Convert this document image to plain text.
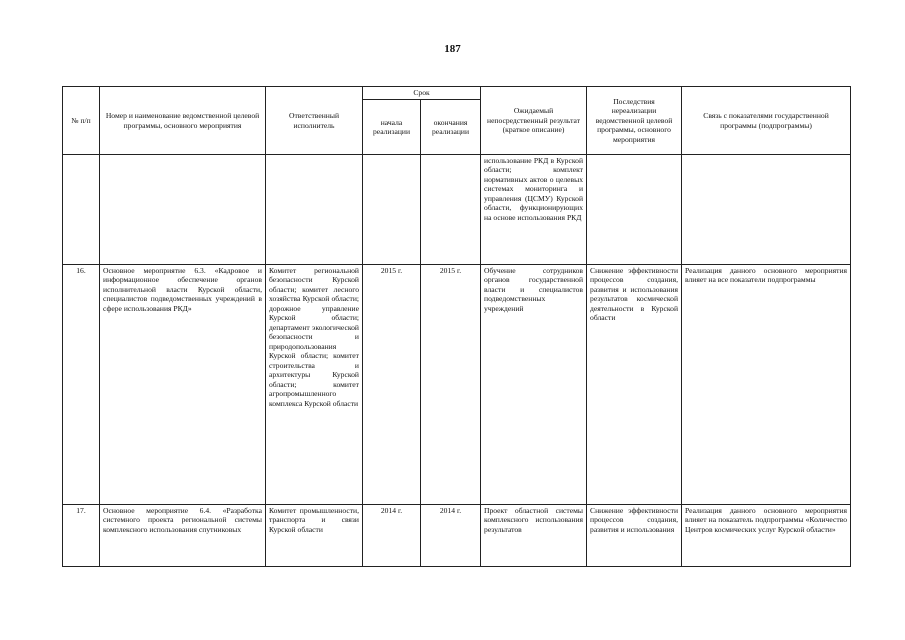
187
№ п/п	Номер и наименование ведомственной целевой программы, основного мероприятия	Ответственный исполнитель	Срок		Ожидаемый непосредственный результат (краткое описание)	Последствия нереализации ведомственной целевой программы, основного мероприятия	Связь с показателями государственной программы (подпрограммы)
			начала реализации	окончания реализации			
					использование РКД в Курской области; комплект нормативных актов о целевых системах мониторинга и управления (ЦСМУ) Курской области, функционирующих на основе использования РКД		
16.	Основное мероприятие 6.3. «Кадровое и информационное обеспечение органов исполнительной власти Курской области, специалистов подведомственных учреждений в сфере использования РКД»	Комитет региональной безопасности Курской области; комитет лесного хозяйства Курской области; дорожное управление Курской области; департамент экологической безопасности и природопользования Курской области; комитет строительства и архитектуры Курской области; комитет агропромышленного комплекса Курской области	2015 г.	2015 г.	Обучение сотрудников органов государственной власти и специалистов подведомственных учреждений	Снижение эффективности процессов создания, развития и использования результатов космической деятельности в Курской области	Реализация данного основного мероприятия влияет на все показатели подпрограммы
17.	Основное мероприятие 6.4. «Разработка системного проекта региональной системы комплексного использования спутниковых	Комитет промышленности, транспорта и связи Курской области	2014 г.	2014 г.	Проект областной системы комплексного использования результатов	Снижение эффективности процессов создания, развития и использования	Реализация данного основного мероприятия влияет на показатель подпрограммы «Количество Центров космических услуг Курской области»
